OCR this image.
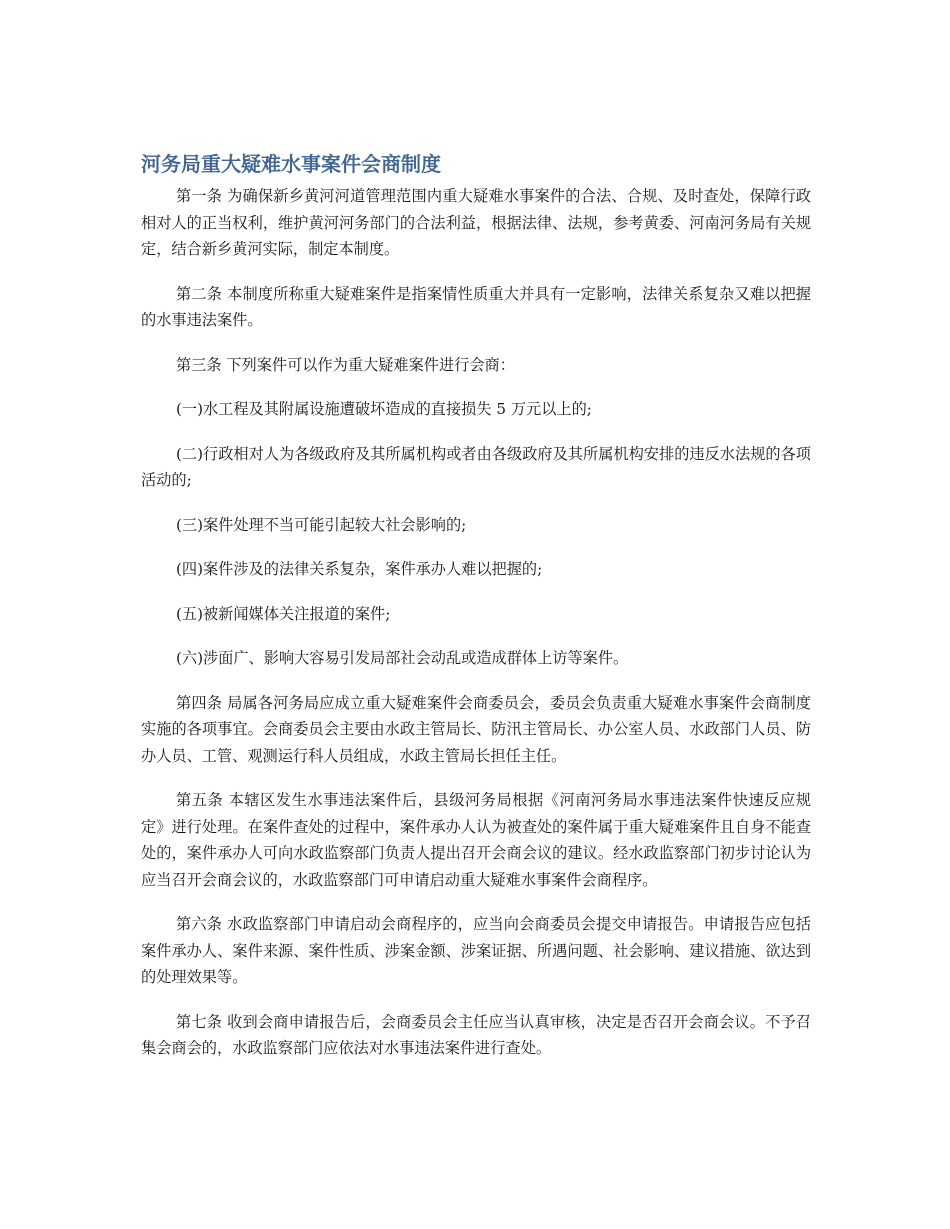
河务局重大疑难水事案件会商制度

第一条 为确保新乡黄河河道管理范围内重大疑难水事案件的合法、合规、及时查处，保障行政相对人的正当权利，维护黄河河务部门的合法利益，根据法律、法规，参考黄委、河南河务局有关规定，结合新乡黄河实际，制定本制度。

第二条 本制度所称重大疑难案件是指案情性质重大并具有一定影响，法律关系复杂又难以把握的水事违法案件。

第三条 下列案件可以作为重大疑难案件进行会商：

(一)水工程及其附属设施遭破坏造成的直接损失 5 万元以上的;

(二)行政相对人为各级政府及其所属机构或者由各级政府及其所属机构安排的违反水法规的各项活动的;

(三)案件处理不当可能引起较大社会影响的;

(四)案件涉及的法律关系复杂，案件承办人难以把握的;

(五)被新闻媒体关注报道的案件;

(六)涉面广、影响大容易引发局部社会动乱或造成群体上访等案件。

第四条 局属各河务局应成立重大疑难案件会商委员会，委员会负责重大疑难水事案件会商制度实施的各项事宜。会商委员会主要由水政主管局长、防汛主管局长、办公室人员、水政部门人员、防办人员、工管、观测运行科人员组成，水政主管局长担任主任。

第五条 本辖区发生水事违法案件后，县级河务局根据《河南河务局水事违法案件快速反应规定》进行处理。在案件查处的过程中，案件承办人认为被查处的案件属于重大疑难案件且自身不能查处的，案件承办人可向水政监察部门负责人提出召开会商会议的建议。经水政监察部门初步讨论认为应当召开会商会议的，水政监察部门可申请启动重大疑难水事案件会商程序。

第六条 水政监察部门申请启动会商程序的，应当向会商委员会提交申请报告。申请报告应包括案件承办人、案件来源、案件性质、涉案金额、涉案证据、所遇问题、社会影响、建议措施、欲达到的处理效果等。

第七条 收到会商申请报告后，会商委员会主任应当认真审核，决定是否召开会商会议。不予召集会商会的，水政监察部门应依法对水事违法案件进行查处。
